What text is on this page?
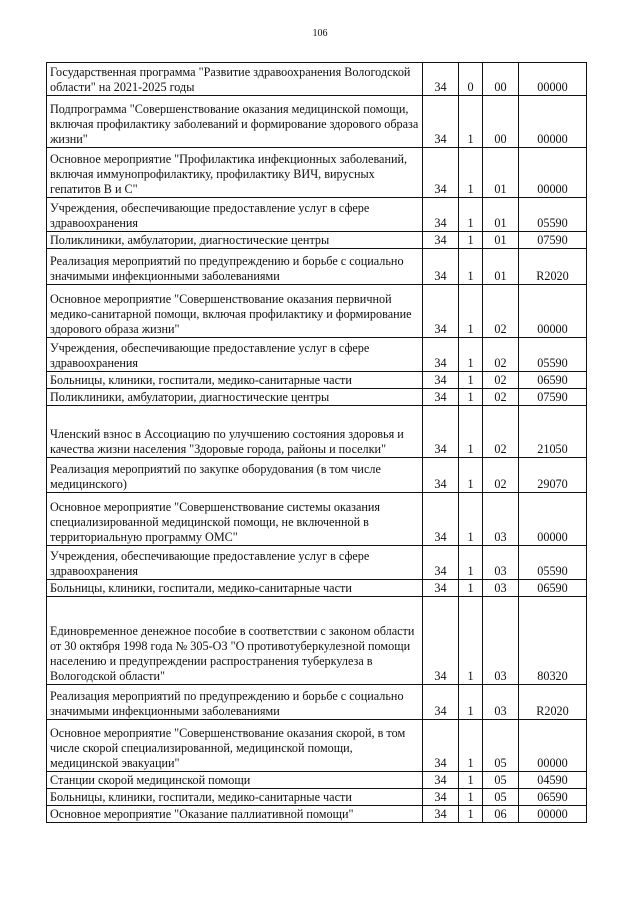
106
Государственная программа "Развитие здравоохранения Вологодской области" на 2021-2025 годы	34	0	00	00000
Подпрограмма "Совершенствование оказания медицинской помощи, включая профилактику заболеваний и формирование здорового образа жизни"	34	1	00	00000
Основное мероприятие "Профилактика инфекционных заболеваний, включая иммунопрофилактику, профилактику ВИЧ, вирусных гепатитов В и С"	34	1	01	00000
Учреждения, обеспечивающие предоставление услуг в сфере здравоохранения	34	1	01	05590
Поликлиники, амбулатории, диагностические центры	34	1	01	07590
Реализация мероприятий по предупреждению и борьбе с социально значимыми инфекционными заболеваниями	34	1	01	R2020
Основное мероприятие "Совершенствование оказания первичной медико-санитарной помощи, включая профилактику и формирование здорового образа жизни"	34	1	02	00000
Учреждения, обеспечивающие предоставление услуг в сфере здравоохранения	34	1	02	05590
Больницы, клиники, госпитали, медико-санитарные части	34	1	02	06590
Поликлиники, амбулатории, диагностические центры	34	1	02	07590
Членский взнос в Ассоциацию по улучшению состояния здоровья и качества жизни населения "Здоровые города, районы и поселки"	34	1	02	21050
Реализация мероприятий по закупке оборудования (в том числе медицинского)	34	1	02	29070
Основное мероприятие "Совершенствование системы оказания специализированной медицинской помощи, не включенной в территориальную программу ОМС"	34	1	03	00000
Учреждения, обеспечивающие предоставление услуг в сфере здравоохранения	34	1	03	05590
Больницы, клиники, госпитали, медико-санитарные части	34	1	03	06590
Единовременное денежное пособие в соответствии с законом области от 30 октября 1998 года № 305-ОЗ "О противотуберкулезной помощи населению и предупреждении распространения туберкулеза в Вологодской области"	34	1	03	80320
Реализация мероприятий по предупреждению и борьбе с социально значимыми инфекционными заболеваниями	34	1	03	R2020
Основное мероприятие "Совершенствование оказания скорой, в том числе скорой специализированной, медицинской помощи, медицинской эвакуации"	34	1	05	00000
Станции скорой медицинской помощи	34	1	05	04590
Больницы, клиники, госпитали, медико-санитарные части	34	1	05	06590
Основное мероприятие "Оказание паллиативной помощи"	34	1	06	00000
